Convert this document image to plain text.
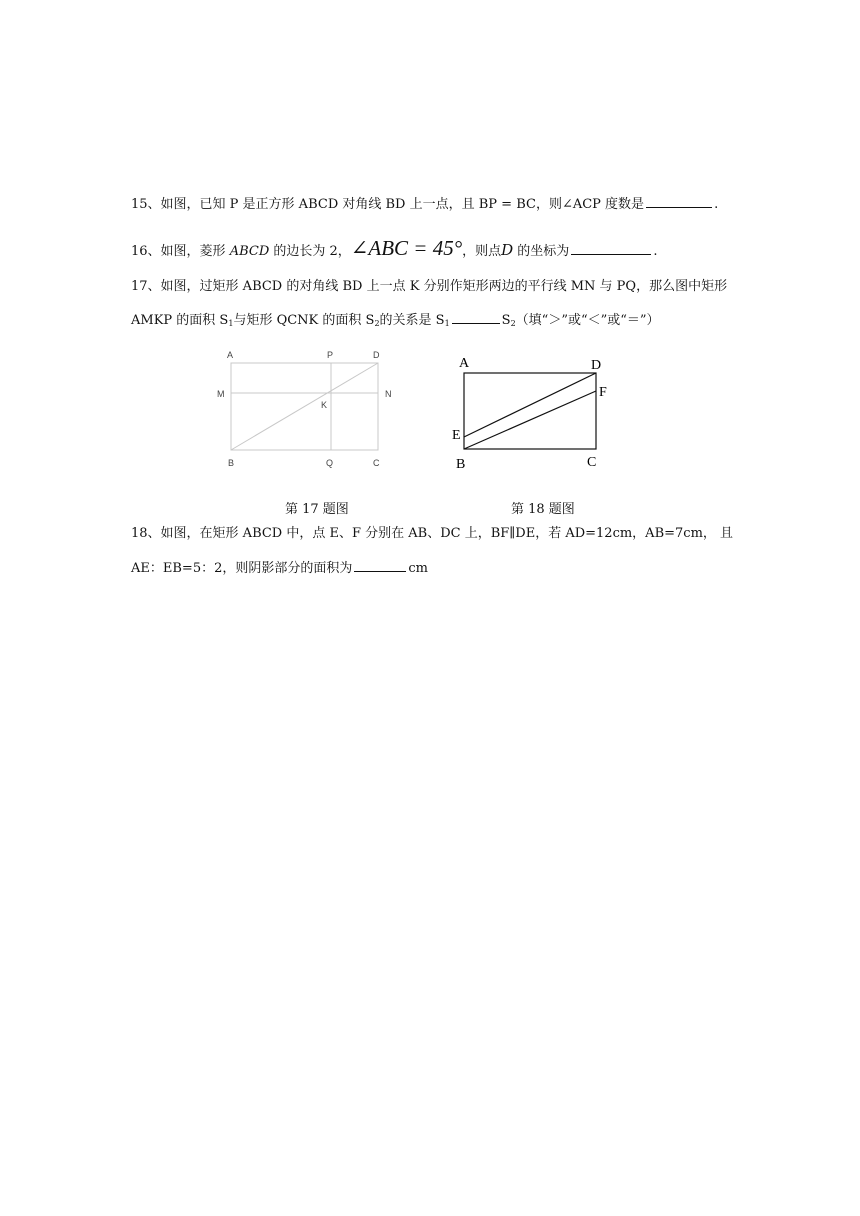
15、如图，已知 P 是正方形 ABCD 对角线 BD 上一点，且 BP = BC，则∠ACP 度数是	.
16、如图，菱形 ABCD 的边长为 2，∠ABC = 45°，则点D 的坐标为	.
17、如图，过矩形 ABCD 的对角线 BD 上一点 K 分别作矩形两边的平行线 MN 与 PQ，那么图中矩形
AMKP 的面积 $S_1$与矩形 QCNK 的面积 $S_2$的关系是 $S_1$	$S_2$（填“＞”或“＜”或“＝”）
A	P	D
M
K
N
B	Q	C
A	D
F
E
B	C
第 17 题图	第 18 题图
18、如图，在矩形 ABCD 中，点 E、F 分别在 AB、DC 上，BF∥DE，若 AD=12cm，AB=7cm， 且
AE：EB=5：2，则阴影部分的面积为	cm
